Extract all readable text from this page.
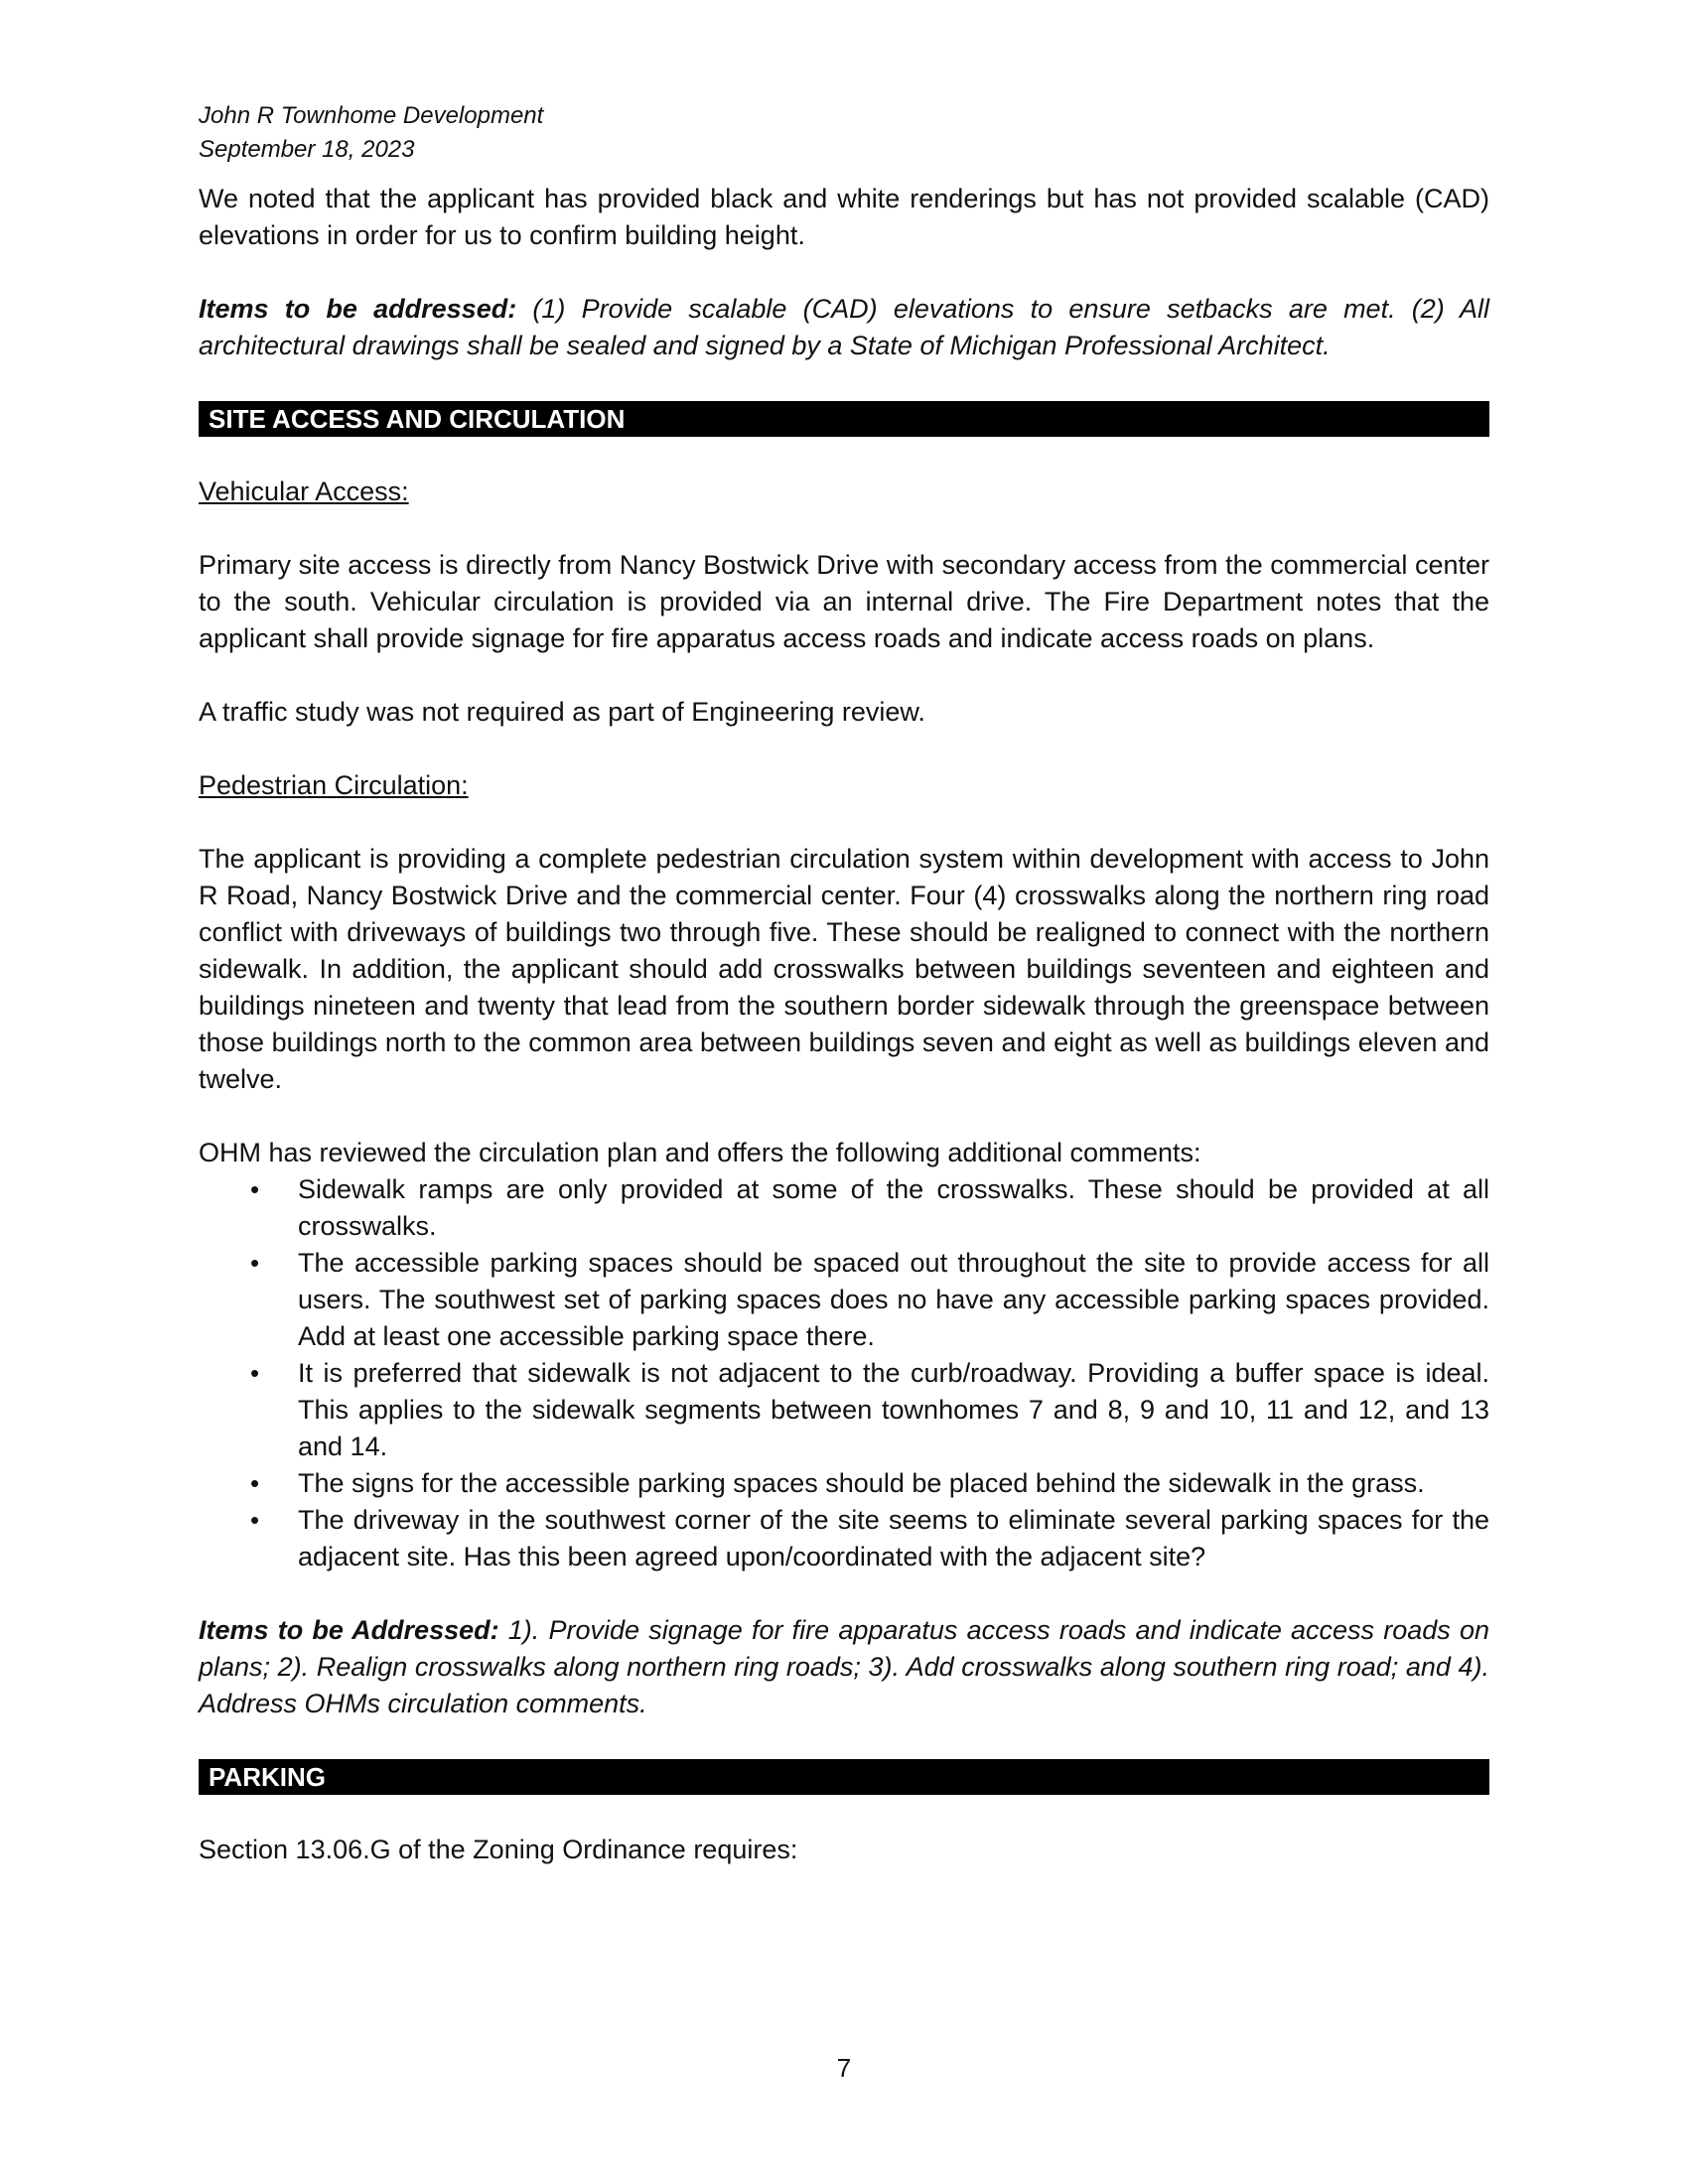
John R Townhome Development
September 18, 2023

We noted that the applicant has provided black and white renderings but has not provided scalable (CAD) elevations in order for us to confirm building height.

Items to be addressed: (1) Provide scalable (CAD) elevations to ensure setbacks are met. (2) All architectural drawings shall be sealed and signed by a State of Michigan Professional Architect.

SITE ACCESS AND CIRCULATION
Vehicular Access:

Primary site access is directly from Nancy Bostwick Drive with secondary access from the commercial center to the south. Vehicular circulation is provided via an internal drive. The Fire Department notes that the applicant shall provide signage for fire apparatus access roads and indicate access roads on plans.

A traffic study was not required as part of Engineering review.

Pedestrian Circulation:

The applicant is providing a complete pedestrian circulation system within development with access to John R Road, Nancy Bostwick Drive and the commercial center. Four (4) crosswalks along the northern ring road conflict with driveways of buildings two through five. These should be realigned to connect with the northern sidewalk. In addition, the applicant should add crosswalks between buildings seventeen and eighteen and buildings nineteen and twenty that lead from the southern border sidewalk through the greenspace between those buildings north to the common area between buildings seven and eight as well as buildings eleven and twelve.

OHM has reviewed the circulation plan and offers the following additional comments:

• Sidewalk ramps are only provided at some of the crosswalks. These should be provided at all crosswalks.
• The accessible parking spaces should be spaced out throughout the site to provide access for all users. The southwest set of parking spaces does no have any accessible parking spaces provided. Add at least one accessible parking space there.
• It is preferred that sidewalk is not adjacent to the curb/roadway. Providing a buffer space is ideal. This applies to the sidewalk segments between townhomes 7 and 8, 9 and 10, 11 and 12, and 13 and 14.
• The signs for the accessible parking spaces should be placed behind the sidewalk in the grass.
• The driveway in the southwest corner of the site seems to eliminate several parking spaces for the adjacent site. Has this been agreed upon/coordinated with the adjacent site?

Items to be Addressed: 1). Provide signage for fire apparatus access roads and indicate access roads on plans; 2). Realign crosswalks along northern ring roads; 3). Add crosswalks along southern ring road; and 4). Address OHMs circulation comments.

PARKING

Section 13.06.G of the Zoning Ordinance requires:

7
